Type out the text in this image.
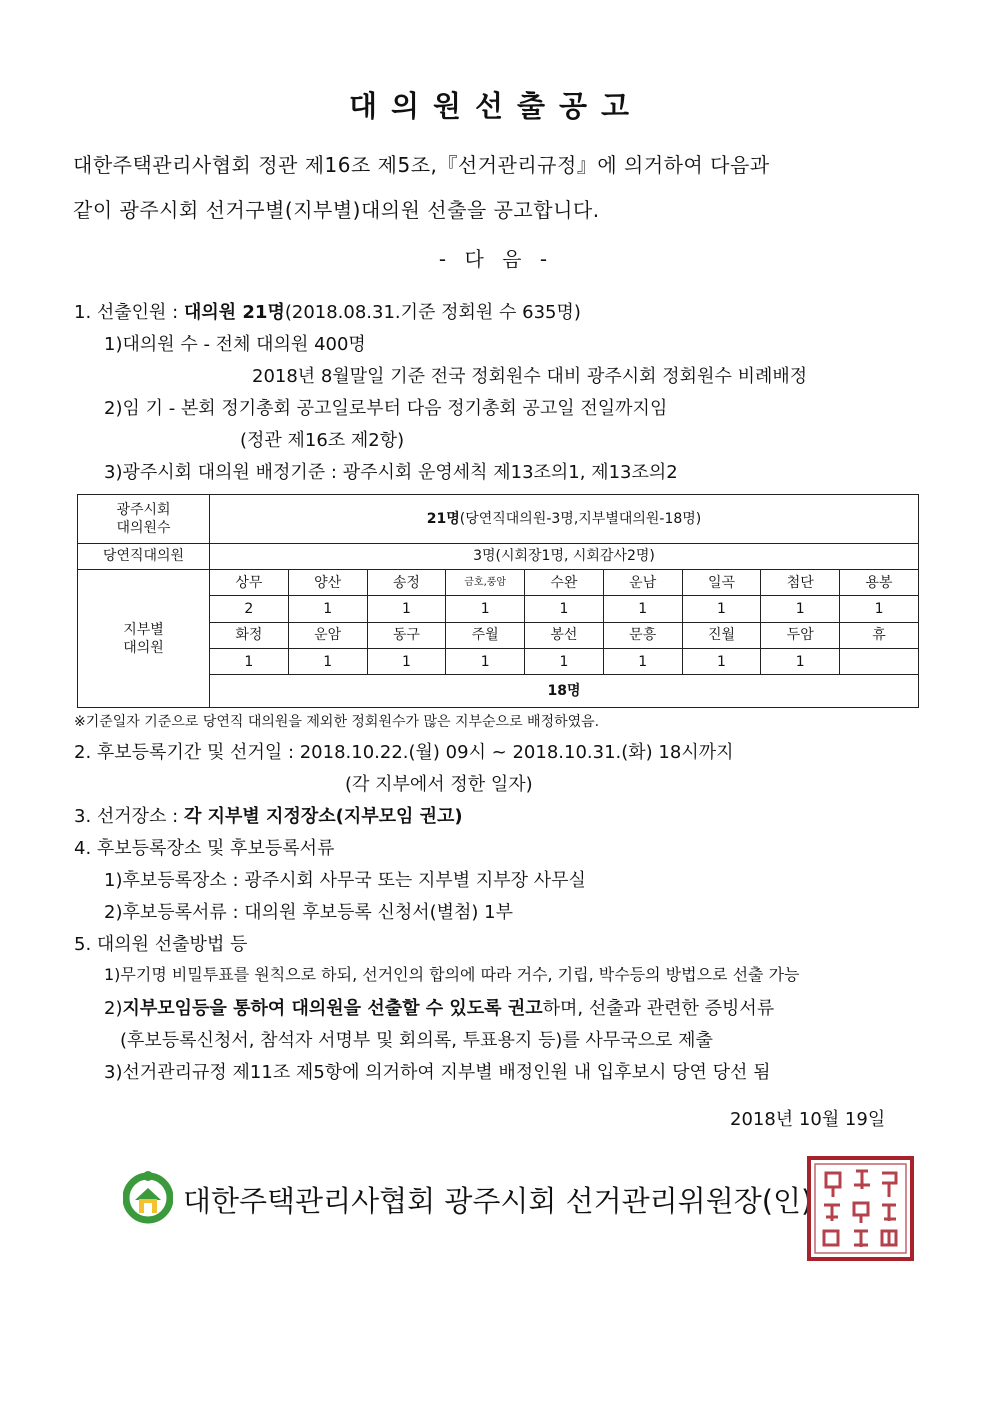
대의원선출공고
대한주택관리사협회 정관 제16조 제5조,『선거관리규정』에 의거하여 다음과
같이 광주시회 선거구별(지부별)대의원 선출을 공고합니다.
- 다 음 -
1. 선출인원 : 대의원 21명(2018.08.31.기준 정회원 수 635명)
1)대의원 수 - 전체 대의원 400명
2018년 8월말일 기준 전국 정회원수 대비 광주시회 정회원수 비례배정
2)임 기 - 본회 정기총회 공고일로부터 다음 정기총회 공고일 전일까지임
(정관 제16조 제2항)
3)광주시회 대의원 배정기준 : 광주시회 운영세칙 제13조의1, 제13조의2
광주시회
대의원수	21명(당연직대의원-3명,지부별대의원-18명)								
당연직대의원	3명(시회장1명, 시회감사2명)								
지부별
대의원	상무	양산	송정	금호,풍암	수완	운남	일곡	첨단	용봉
	2	1	1	1	1	1	1	1	1
	화정	운암	동구	주월	봉선	문흥	진월	두암	휴
	1	1	1	1	1	1	1	1	
	18명								
※기준일자 기준으로 당연직 대의원을 제외한 정회원수가 많은 지부순으로 배정하였음.
2. 후보등록기간 및 선거일 : 2018.10.22.(월) 09시 ~ 2018.10.31.(화) 18시까지
(각 지부에서 정한 일자)
3. 선거장소 : 각 지부별 지정장소(지부모임 권고)
4. 후보등록장소 및 후보등록서류
1)후보등록장소 : 광주시회 사무국 또는 지부별 지부장 사무실
2)후보등록서류 : 대의원 후보등록 신청서(별첨) 1부
5. 대의원 선출방법 등
1)무기명 비밀투표를 원칙으로 하되, 선거인의 합의에 따라 거수, 기립, 박수등의 방법으로 선출 가능
2)지부모임등을 통하여 대의원을 선출할 수 있도록 권고하며, 선출과 관련한 증빙서류
(후보등록신청서, 참석자 서명부 및 회의록, 투표용지 등)를 사무국으로 제출
3)선거관리규정 제11조 제5항에 의거하여 지부별 배정인원 내 입후보시 당연 당선 됨
2018년 10월 19일
대한주택관리사협회 광주시회 선거관리위원장(인)
